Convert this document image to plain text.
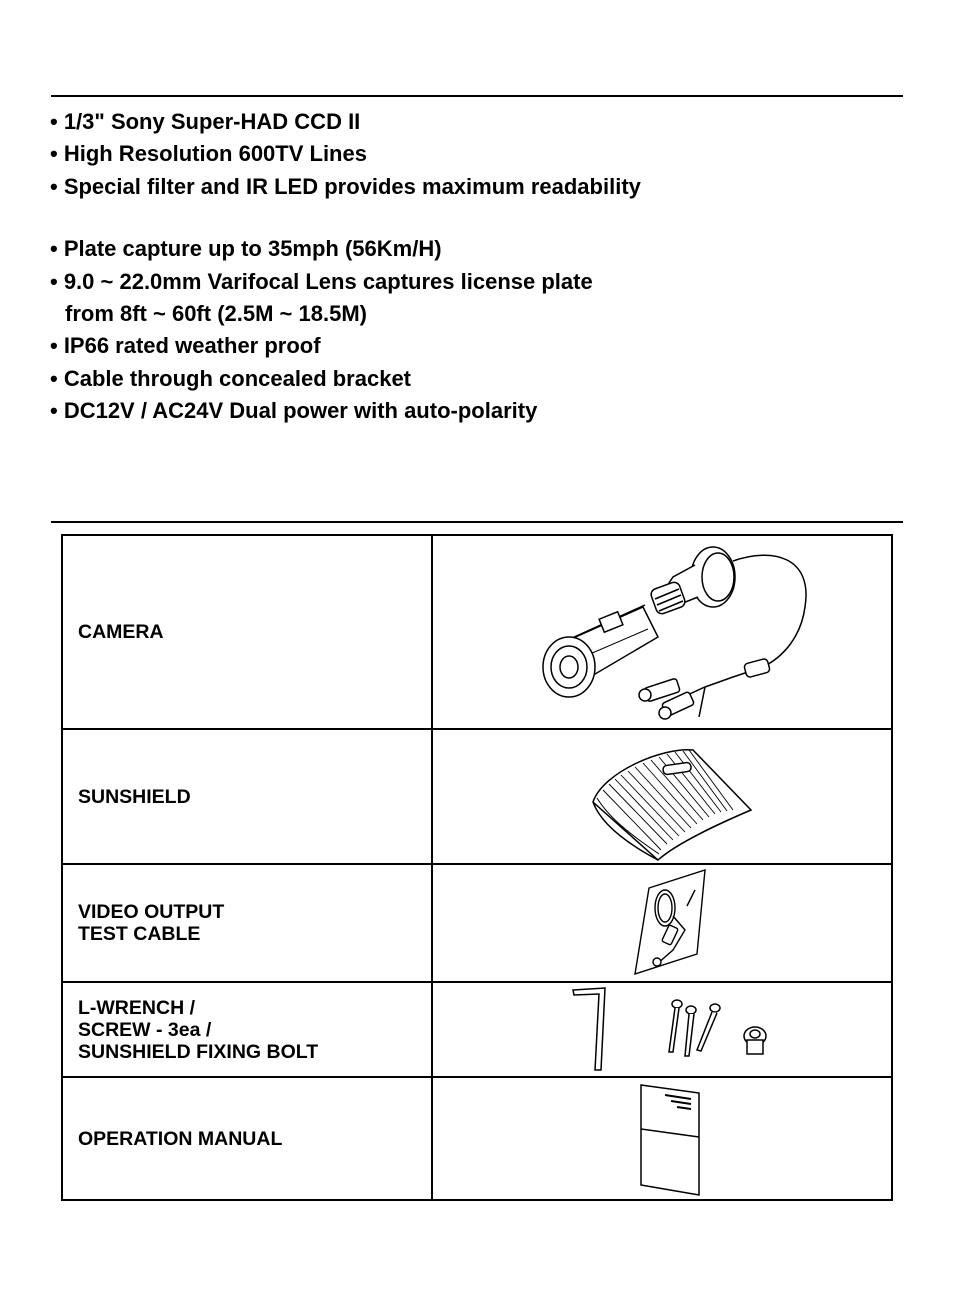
• 1/3" Sony Super-HAD CCD II
• High Resolution 600TV Lines
• Special filter and IR LED provides maximum readability
• Plate capture up to 35mph (56Km/H)
• 9.0 ~ 22.0mm Varifocal Lens captures license plate
from 8ft ~ 60ft (2.5M ~ 18.5M)
• IP66 rated weather proof
• Cable through concealed bracket
• DC12V / AC24V Dual power with auto-polarity
CAMERA	

SUNSHIELD	

VIDEO OUTPUT
TEST CABLE	

L-WRENCH /
SCREW - 3ea /
SUNSHIELD FIXING BOLT	

OPERATION MANUAL	
